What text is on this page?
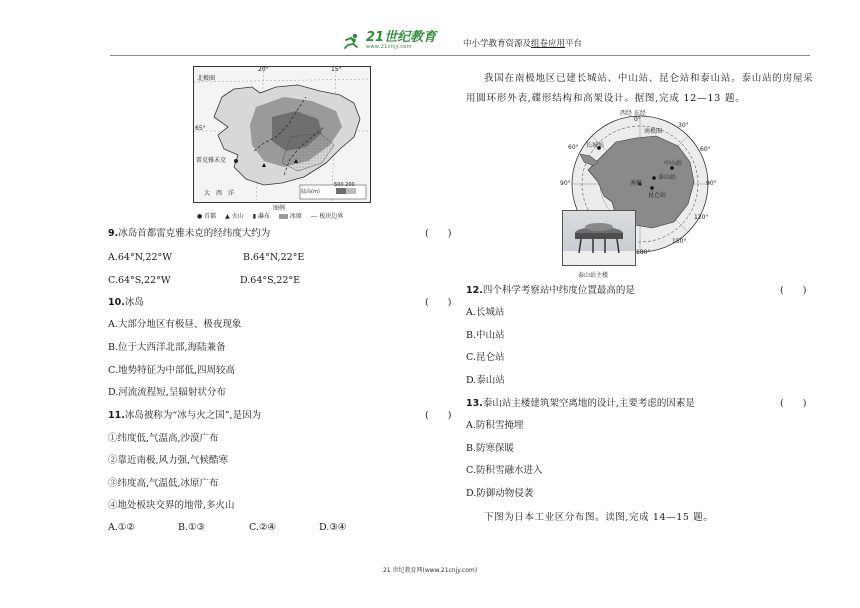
21世纪教育
www.21cnjy.com	中小学教育资源及组卷应用平台
20°	15°
北极圈
65°
雷克雅未克
大　西　洋	陆高(m)
500 200
图例
● 首都 ▲ 火山 ▮ 瀑布	冰原 --- 板块边界
9.冰岛首都雷克雅未克的经纬度大约为	(　　)
A.64°N,22°W	B.64°N,22°E
C.64°S,22°W	D.64°S,22°E
10.冰岛	(　　)
A.大部分地区有极昼、极夜现象
B.位于大西洋北部,海陆兼备
C.地势特征为中部低,四周较高
D.河流流程短,呈辐射状分布
11.冰岛被称为“冰与火之国”,是因为	(　　)
①纬度低,气温高,沙漠广布
②靠近南极,风力强,气候酷寒
③纬度高,气温低,冰原广布
④地处板块交界的地带,多火山
A.①②	B.①③	C.②④	D.③④
我国在南极地区已建长城站、中山站、昆仑站和泰山站。泰山站的房屋采
用圆环形外表,碟形结构和高架设计。据图,完成 12—13 题。
西经 东经
0°
30°
60°	60°
90°	90°
120°
150°
180°
南极圈
长城站
中山站
南极
泰山站
昆仑站
泰山站主楼
12.四个科学考察站中纬度位置最高的是	(　　)
A.长城站
B.中山站
C.昆仑站
D.泰山站
13.泰山站主楼建筑架空离地的设计,主要考虑的因素是	(　　)
A.防积雪掩埋
B.防寒保暖
C.防积雪融水进入
D.防御动物侵袭
下图为日本工业区分布图。读图,完成 14—15 题。
21 世纪教育网(www.21cnjy.com)
